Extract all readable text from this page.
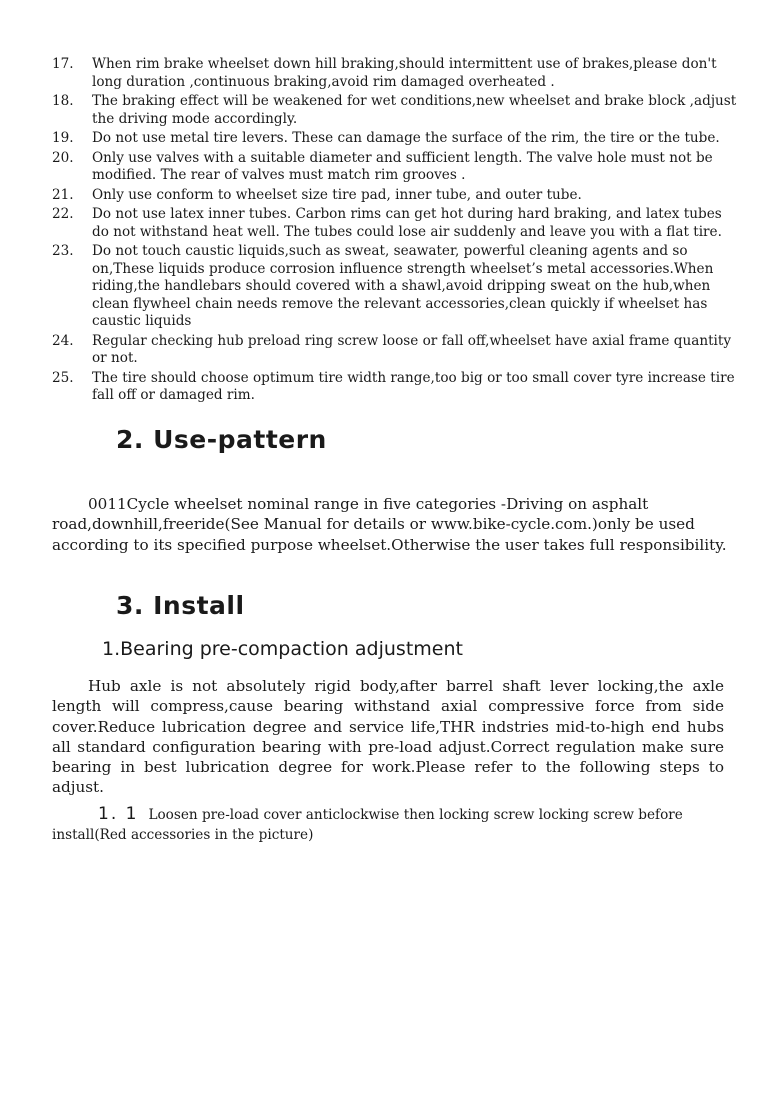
17.	When rim brake wheelset down hill braking,should intermittent use of brakes,please don't long duration ,continuous braking,avoid rim damaged overheated .
18.	The braking effect will be weakened for wet conditions,new wheelset and brake block ,adjust the driving mode accordingly.
19.	Do not use metal tire levers. These can damage the surface of the rim, the tire or the tube.
20.	Only use valves with a suitable diameter and sufficient length. The valve hole must not be modified. The rear of valves must match rim grooves .
21.	Only use conform to wheelset size tire pad, inner tube, and outer tube.
22.	Do not use latex inner tubes. Carbon rims can get hot during hard braking, and latex tubes do not withstand heat well. The tubes could lose air suddenly and leave you with a flat tire.
23.	Do not touch caustic liquids,such as sweat, seawater, powerful cleaning agents and so on,These liquids produce corrosion influence strength wheelset’s metal accessories.When riding,the handlebars should covered with a shawl,avoid dripping sweat on the hub,when clean flywheel chain needs remove the relevant accessories,clean quickly if wheelset has caustic liquids
24.	Regular checking hub preload ring screw loose or fall off,wheelset have axial frame quantity or not.
25.	The tire should choose optimum tire width range,too big or too small cover tyre increase tire fall off or damaged rim.
2. Use-pattern

0011Cycle wheelset nominal range in five categories -Driving on asphalt road,downhill,freeride(See Manual for details or www.bike-cycle.com.)only be used according to its specified purpose wheelset.Otherwise the user takes full responsibility.

3. Install
1.Bearing pre-compaction adjustment

Hub axle is not absolutely rigid body,after barrel shaft lever locking,the axle length will compress,cause bearing withstand axial compressive force from side cover.Reduce lubrication degree and service life,THR indstries mid-to-high end hubs all standard configuration bearing with pre-load adjust.Correct regulation make sure bearing in best lubrication degree for work.Please refer to the following steps to adjust.

1. 1 Loosen pre-load cover anticlockwise then locking screw locking screw before install(Red accessories in the picture)
